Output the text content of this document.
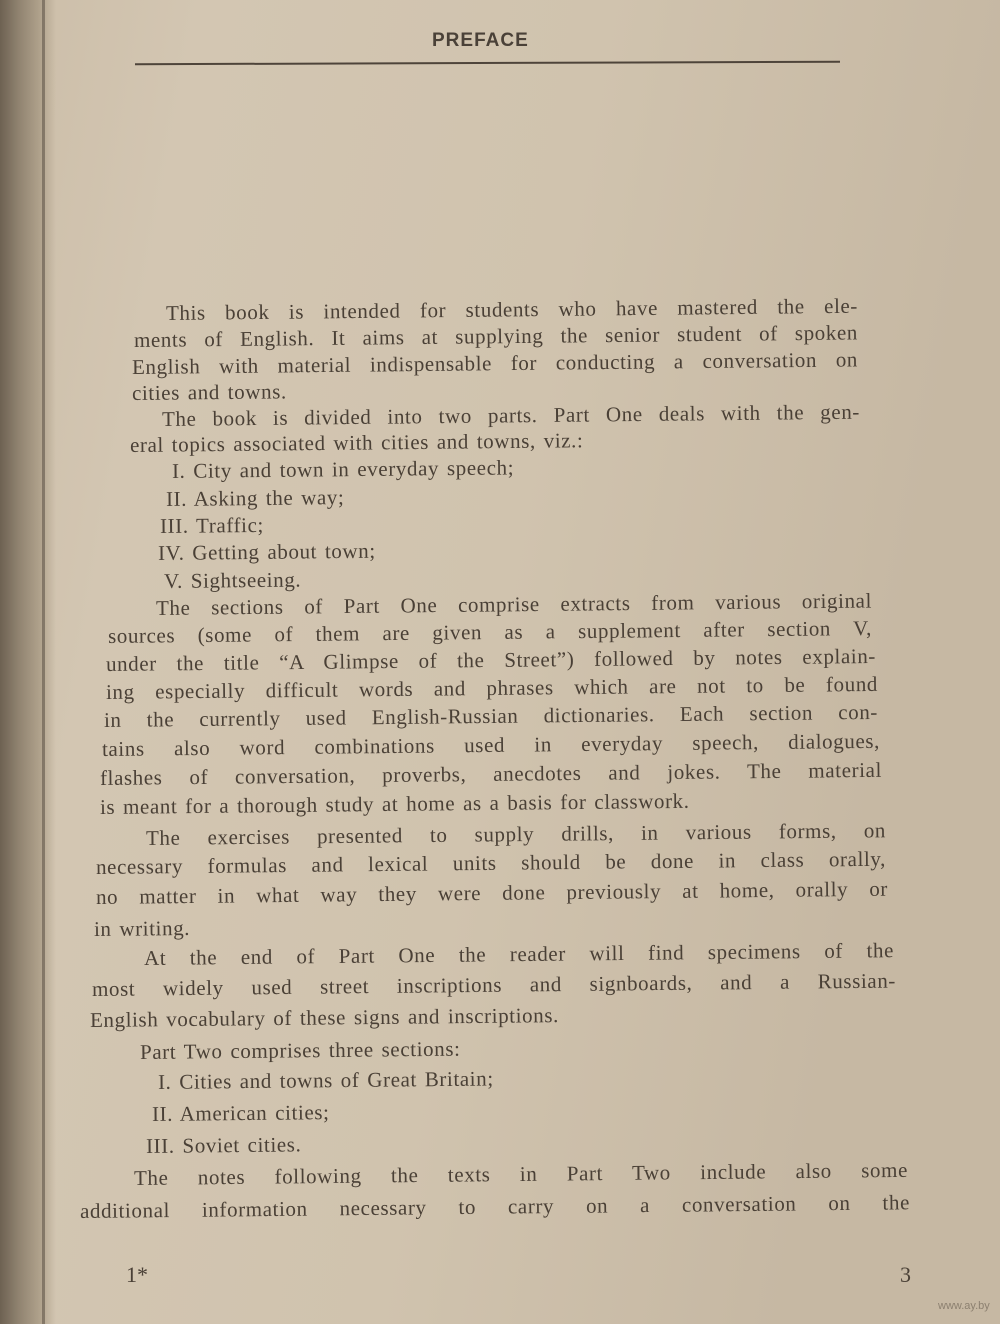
PREFACE
This book is intended for students who have mastered the ele-
ments of English. It aims at supplying the senior student of spoken
English with material indispensable for conducting a conversation on
cities and towns.
The book is divided into two parts. Part One deals with the gen-
eral topics associated with cities and towns, viz.:
I. City and town in everyday speech;
II. Asking the way;
III. Traffic;
IV. Getting about town;
V. Sightseeing.
The sections of Part One comprise extracts from various original
sources (some of them are given as a supplement after section V,
under the title “A Glimpse of the Street”) followed by notes explain-
ing especially difficult words and phrases which are not to be found
in the currently used English-Russian dictionaries. Each section con-
tains also word combinations used in everyday speech, dialogues,
flashes of conversation, proverbs, anecdotes and jokes. The material
is meant for a thorough study at home as a basis for classwork.
The exercises presented to supply drills, in various forms, on
necessary formulas and lexical units should be done in class orally,
no matter in what way they were done previously at home, orally or
in writing.
At the end of Part One the reader will find specimens of the
most widely used street inscriptions and signboards, and a Russian-
English vocabulary of these signs and inscriptions.
Part Two comprises three sections:
I. Cities and towns of Great Britain;
II. American cities;
III. Soviet cities.
The notes following the texts in Part Two include also some
additional information necessary to carry on a conversation on the
1*	3
www.ay.by
